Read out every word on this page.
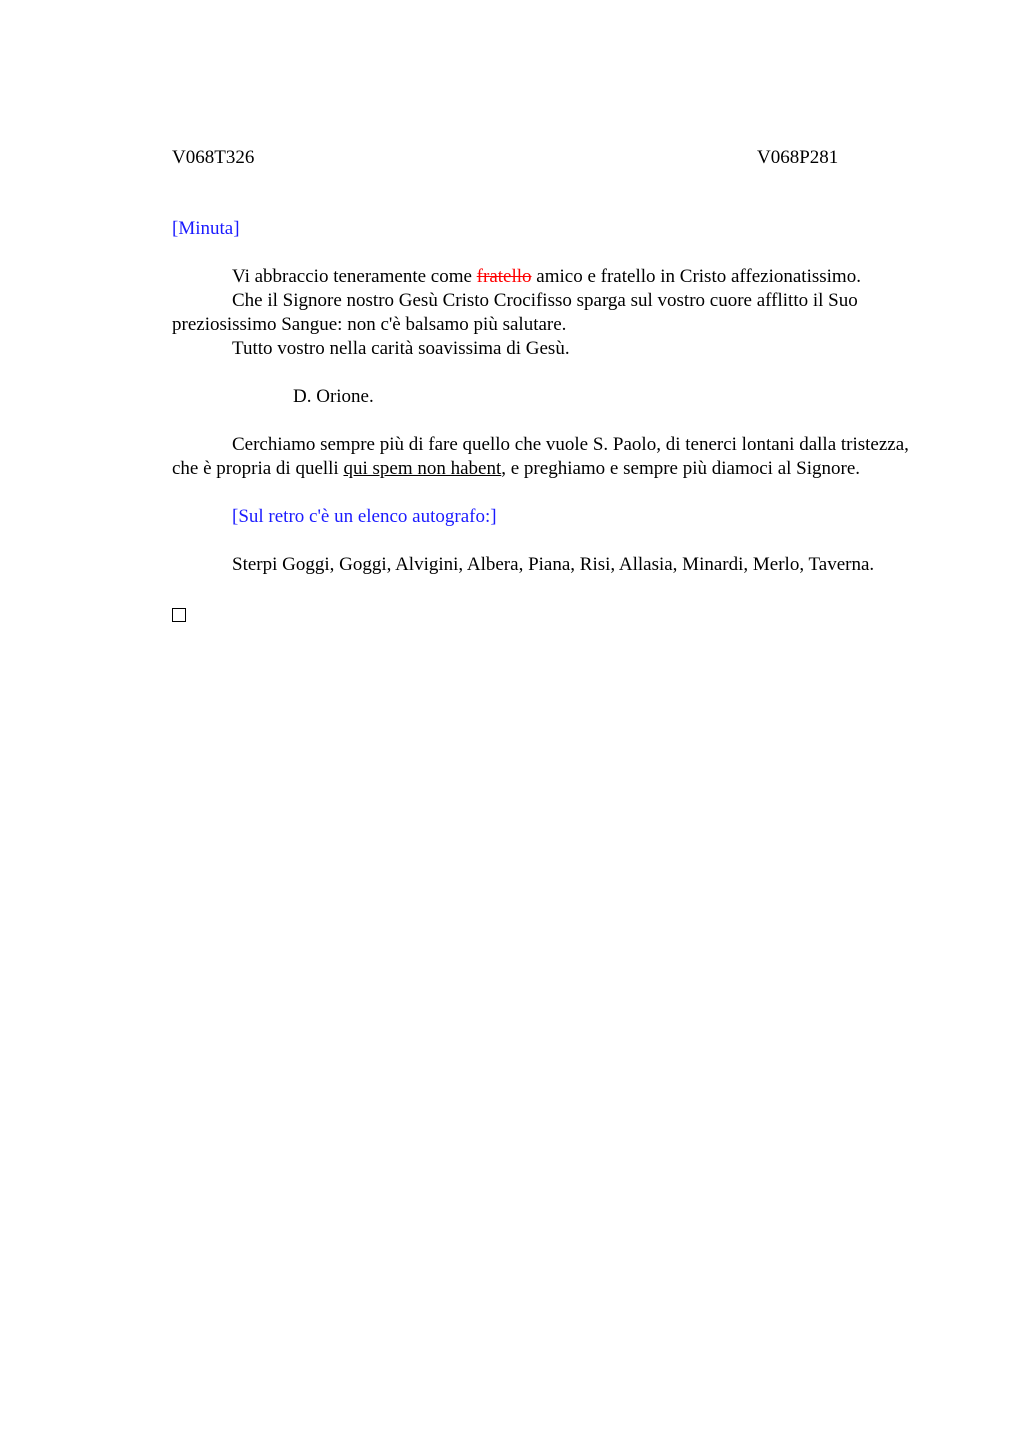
V068T326	V068P281

[Minuta]

Vi abbraccio teneramente come fratello amico e fratello in Cristo affezionatissimo.

Che il Signore nostro Gesù Cristo Crocifisso sparga sul vostro cuore afflitto il Suo preziosissimo Sangue: non c'è balsamo più salutare.

Tutto vostro nella carità soavissima di Gesù.

D. Orione.

Cerchiamo sempre più di fare quello che vuole S. Paolo, di tenerci lontani dalla tristezza, che è propria di quelli qui spem non habent, e preghiamo e sempre più diamoci al Signore.

[Sul retro c'è un elenco autografo:]

Sterpi Goggi, Goggi, Alvigini, Albera, Piana, Risi, Allasia, Minardi, Merlo, Taverna.
